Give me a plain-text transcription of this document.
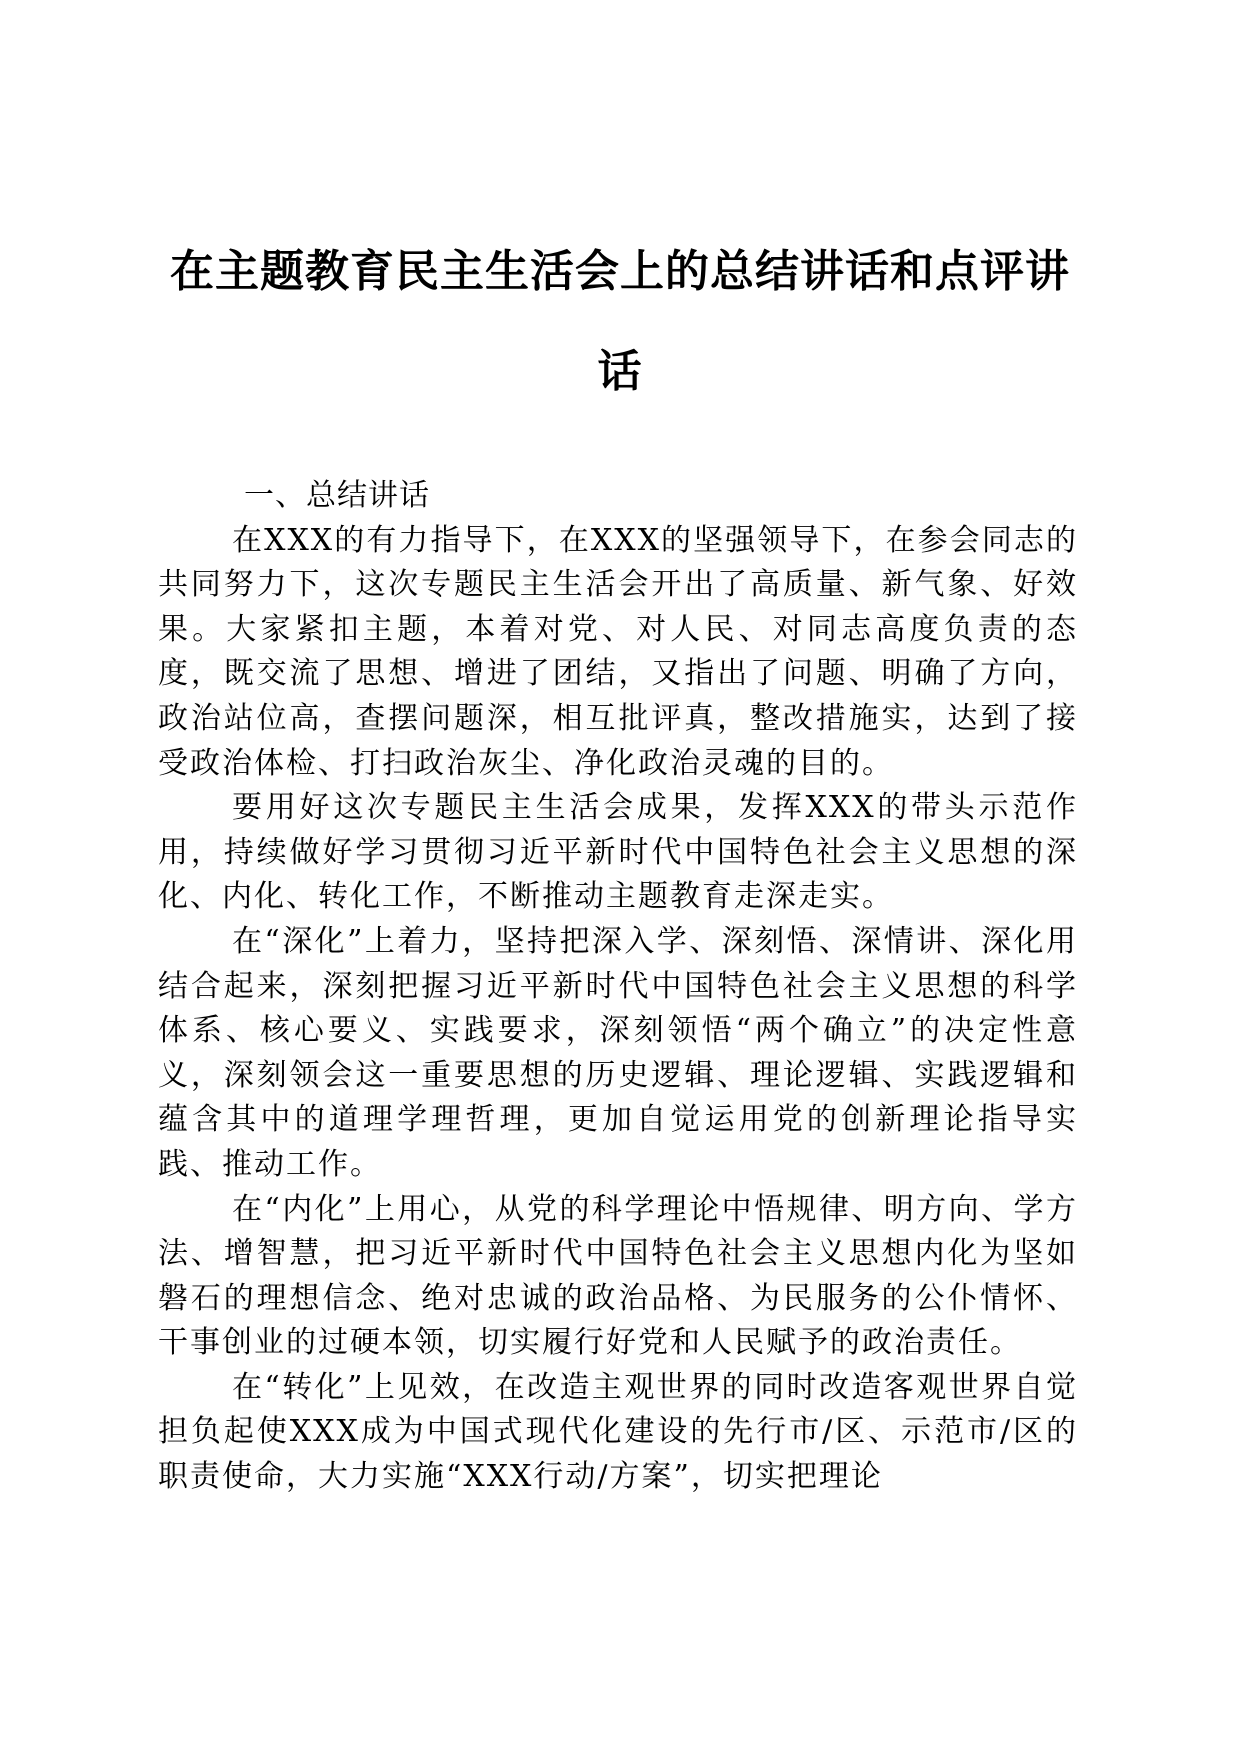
在主题教育民主生活会上的总结讲话和点评讲话
一、总结讲话

在XXX的有力指导下，在XXX的坚强领导下，在参会同志的共同努力下，这次专题民主生活会开出了高质量、新气象、好效果。大家紧扣主题，本着对党、对人民、对同志高度负责的态度，既交流了思想、增进了团结，又指出了问题、明确了方向，政治站位高，查摆问题深，相互批评真，整改措施实，达到了接受政治体检、打扫政治灰尘、净化政治灵魂的目的。

要用好这次专题民主生活会成果，发挥XXX的带头示范作用，持续做好学习贯彻习近平新时代中国特色社会主义思想的深化、内化、转化工作，不断推动主题教育走深走实。

在“深化”上着力，坚持把深入学、深刻悟、深情讲、深化用结合起来，深刻把握习近平新时代中国特色社会主义思想的科学体系、核心要义、实践要求，深刻领悟“两个确立”的决定性意义，深刻领会这一重要思想的历史逻辑、理论逻辑、实践逻辑和蕴含其中的道理学理哲理，更加自觉运用党的创新理论指导实践、推动工作。

在“内化”上用心，从党的科学理论中悟规律、明方向、学方法、增智慧，把习近平新时代中国特色社会主义思想内化为坚如磐石的理想信念、绝对忠诚的政治品格、为民服务的公仆情怀、干事创业的过硬本领，切实履行好党和人民赋予的政治责任。

在“转化”上见效，在改造主观世界的同时改造客观世界自觉担负起使XXX成为中国式现代化建设的先行市/区、示范市/区的职责使命，大力实施“XXX行动/方案”，切实把理论
